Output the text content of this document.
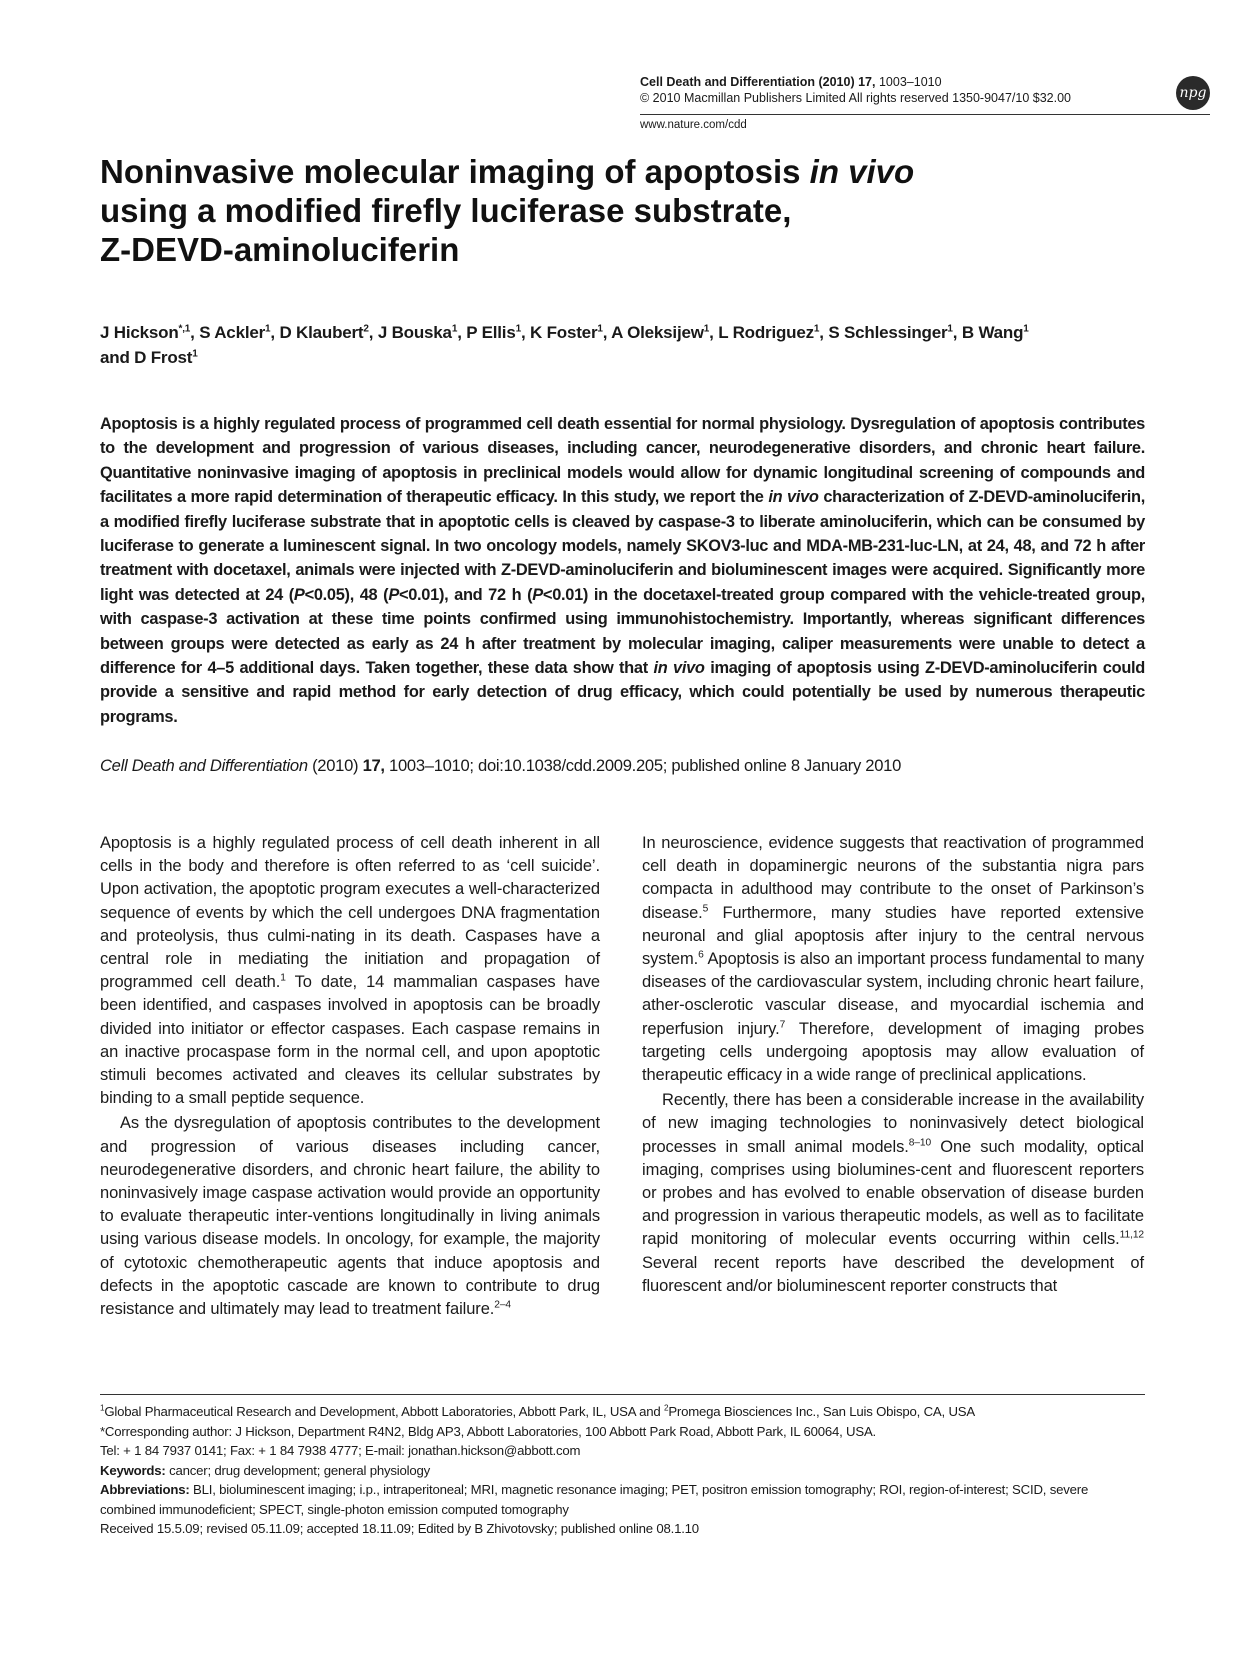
Cell Death and Differentiation (2010) 17, 1003–1010
© 2010 Macmillan Publishers Limited All rights reserved 1350-9047/10 $32.00
www.nature.com/cdd
npg
Noninvasive molecular imaging of apoptosis in vivo
using a modified firefly luciferase substrate,
Z-DEVD-aminoluciferin
J Hickson$^{*,1}$, S Ackler$^1$, D Klaubert$^2$, J Bouska$^1$, P Ellis$^1$, K Foster$^1$, A Oleksijew$^1$, L Rodriguez$^1$, S Schlessinger$^1$, B Wang$^1$
and D Frost$^1$
Apoptosis is a highly regulated process of programmed cell death essential for normal physiology. Dysregulation of apoptosis contributes to the development and progression of various diseases, including cancer, neurodegenerative disorders, and chronic heart failure. Quantitative noninvasive imaging of apoptosis in preclinical models would allow for dynamic longitudinal screening of compounds and facilitates a more rapid determination of therapeutic efficacy. In this study, we report the in vivo characterization of Z-DEVD-aminoluciferin, a modified firefly luciferase substrate that in apoptotic cells is cleaved by caspase-3 to liberate aminoluciferin, which can be consumed by luciferase to generate a luminescent signal. In two oncology models, namely SKOV3-luc and MDA-MB-231-luc-LN, at 24, 48, and 72 h after treatment with docetaxel, animals were injected with Z-DEVD-aminoluciferin and bioluminescent images were acquired. Significantly more light was detected at 24 (P<0.05), 48 (P<0.01), and 72 h (P<0.01) in the docetaxel-treated group compared with the vehicle-treated group, with caspase-3 activation at these time points confirmed using immunohistochemistry. Importantly, whereas significant differences between groups were detected as early as 24 h after treatment by molecular imaging, caliper measurements were unable to detect a difference for 4–5 additional days. Taken together, these data show that in vivo imaging of apoptosis using Z-DEVD-aminoluciferin could provide a sensitive and rapid method for early detection of drug efficacy, which could potentially be used by numerous therapeutic programs.
Cell Death and Differentiation (2010) 17, 1003–1010; doi:10.1038/cdd.2009.205; published online 8 January 2010

Apoptosis is a highly regulated process of cell death inherent in all cells in the body and therefore is often referred to as ‘cell suicide’. Upon activation, the apoptotic program executes a well-characterized sequence of events by which the cell undergoes DNA fragmentation and proteolysis, thus culmi-nating in its death. Caspases have a central role in mediating the initiation and propagation of programmed cell death.$^1$ To date, 14 mammalian caspases have been identified, and caspases involved in apoptosis can be broadly divided into initiator or effector caspases. Each caspase remains in an inactive procaspase form in the normal cell, and upon apoptotic stimuli becomes activated and cleaves its cellular substrates by binding to a small peptide sequence.

As the dysregulation of apoptosis contributes to the development and progression of various diseases including cancer, neurodegenerative disorders, and chronic heart failure, the ability to noninvasively image caspase activation would provide an opportunity to evaluate therapeutic inter-ventions longitudinally in living animals using various disease models. In oncology, for example, the majority of cytotoxic chemotherapeutic agents that induce apoptosis and defects in the apoptotic cascade are known to contribute to drug resistance and ultimately may lead to treatment failure.$^{2-4}$

In neuroscience, evidence suggests that reactivation of programmed cell death in dopaminergic neurons of the substantia nigra pars compacta in adulthood may contribute to the onset of Parkinson’s disease.$^5$ Furthermore, many studies have reported extensive neuronal and glial apoptosis after injury to the central nervous system.$^6$ Apoptosis is also an important process fundamental to many diseases of the cardiovascular system, including chronic heart failure, ather-osclerotic vascular disease, and myocardial ischemia and reperfusion injury.$^7$ Therefore, development of imaging probes targeting cells undergoing apoptosis may allow evaluation of therapeutic efficacy in a wide range of preclinical applications.

Recently, there has been a considerable increase in the availability of new imaging technologies to noninvasively detect biological processes in small animal models.$^{8-10}$ One such modality, optical imaging, comprises using biolumines-cent and fluorescent reporters or probes and has evolved to enable observation of disease burden and progression in various therapeutic models, as well as to facilitate rapid monitoring of molecular events occurring within cells.$^{11,12}$ Several recent reports have described the development of fluorescent and/or bioluminescent reporter constructs that

$^1$Global Pharmaceutical Research and Development, Abbott Laboratories, Abbott Park, IL, USA and $^2$Promega Biosciences Inc., San Luis Obispo, CA, USA
*Corresponding author: J Hickson, Department R4N2, Bldg AP3, Abbott Laboratories, 100 Abbott Park Road, Abbott Park, IL 60064, USA.
Tel: + 1 84 7937 0141; Fax: + 1 84 7938 4777; E-mail: jonathan.hickson@abbott.com
Keywords: cancer; drug development; general physiology
Abbreviations: BLI, bioluminescent imaging; i.p., intraperitoneal; MRI, magnetic resonance imaging; PET, positron emission tomography; ROI, region-of-interest; SCID, severe combined immunodeficient; SPECT, single-photon emission computed tomography
Received 15.5.09; revised 05.11.09; accepted 18.11.09; Edited by B Zhivotovsky; published online 08.1.10
